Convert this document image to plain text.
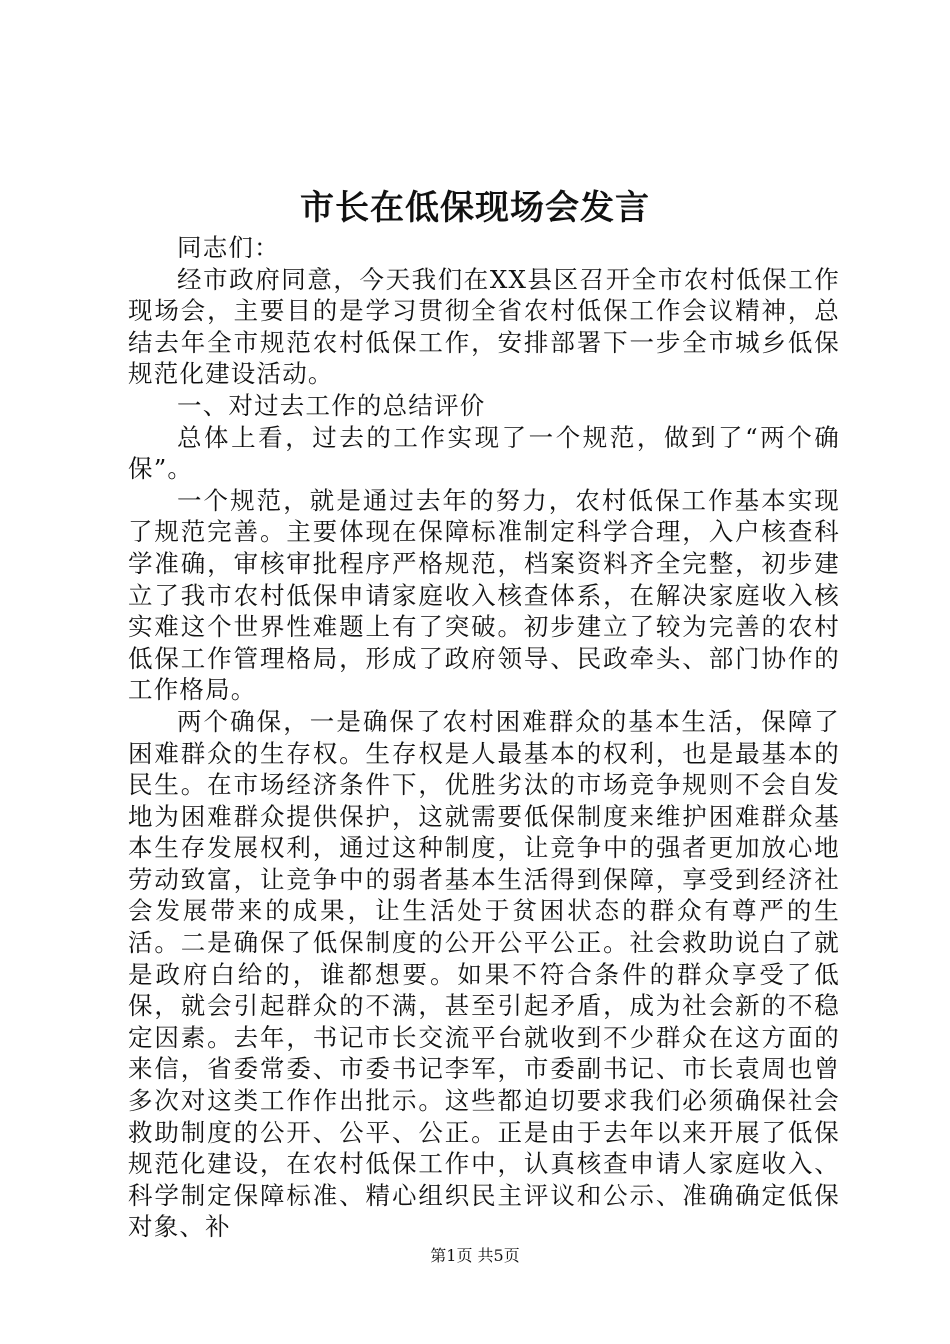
市长在低保现场会发言

同志们：

经市政府同意，今天我们在XX县区召开全市农村低保工作现场会，主要目的是学习贯彻全省农村低保工作会议精神，总结去年全市规范农村低保工作，安排部署下一步全市城乡低保规范化建设活动。

一、对过去工作的总结评价

总体上看，过去的工作实现了一个规范，做到了“两个确保”。

一个规范，就是通过去年的努力，农村低保工作基本实现了规范完善。主要体现在保障标准制定科学合理，入户核查科学准确，审核审批程序严格规范，档案资料齐全完整，初步建立了我市农村低保申请家庭收入核查体系，在解决家庭收入核实难这个世界性难题上有了突破。初步建立了较为完善的农村低保工作管理格局，形成了政府领导、民政牵头、部门协作的工作格局。

两个确保，一是确保了农村困难群众的基本生活，保障了困难群众的生存权。生存权是人最基本的权利，也是最基本的民生。在市场经济条件下，优胜劣汰的市场竞争规则不会自发地为困难群众提供保护，这就需要低保制度来维护困难群众基本生存发展权利，通过这种制度，让竞争中的强者更加放心地劳动致富，让竞争中的弱者基本生活得到保障，享受到经济社会发展带来的成果，让生活处于贫困状态的群众有尊严的生活。二是确保了低保制度的公开公平公正。社会救助说白了就是政府白给的，谁都想要。如果不符合条件的群众享受了低保，就会引起群众的不满，甚至引起矛盾，成为社会新的不稳定因素。去年，书记市长交流平台就收到不少群众在这方面的来信，省委常委、市委书记李军，市委副书记、市长袁周也曾多次对这类工作作出批示。这些都迫切要求我们必须确保社会救助制度的公开、公平、公正。正是由于去年以来开展了低保规范化建设，在农村低保工作中，认真核查申请人家庭收入、科学制定保障标准、精心组织民主评议和公示、准确确定低保对象、补

第1页 共5页
